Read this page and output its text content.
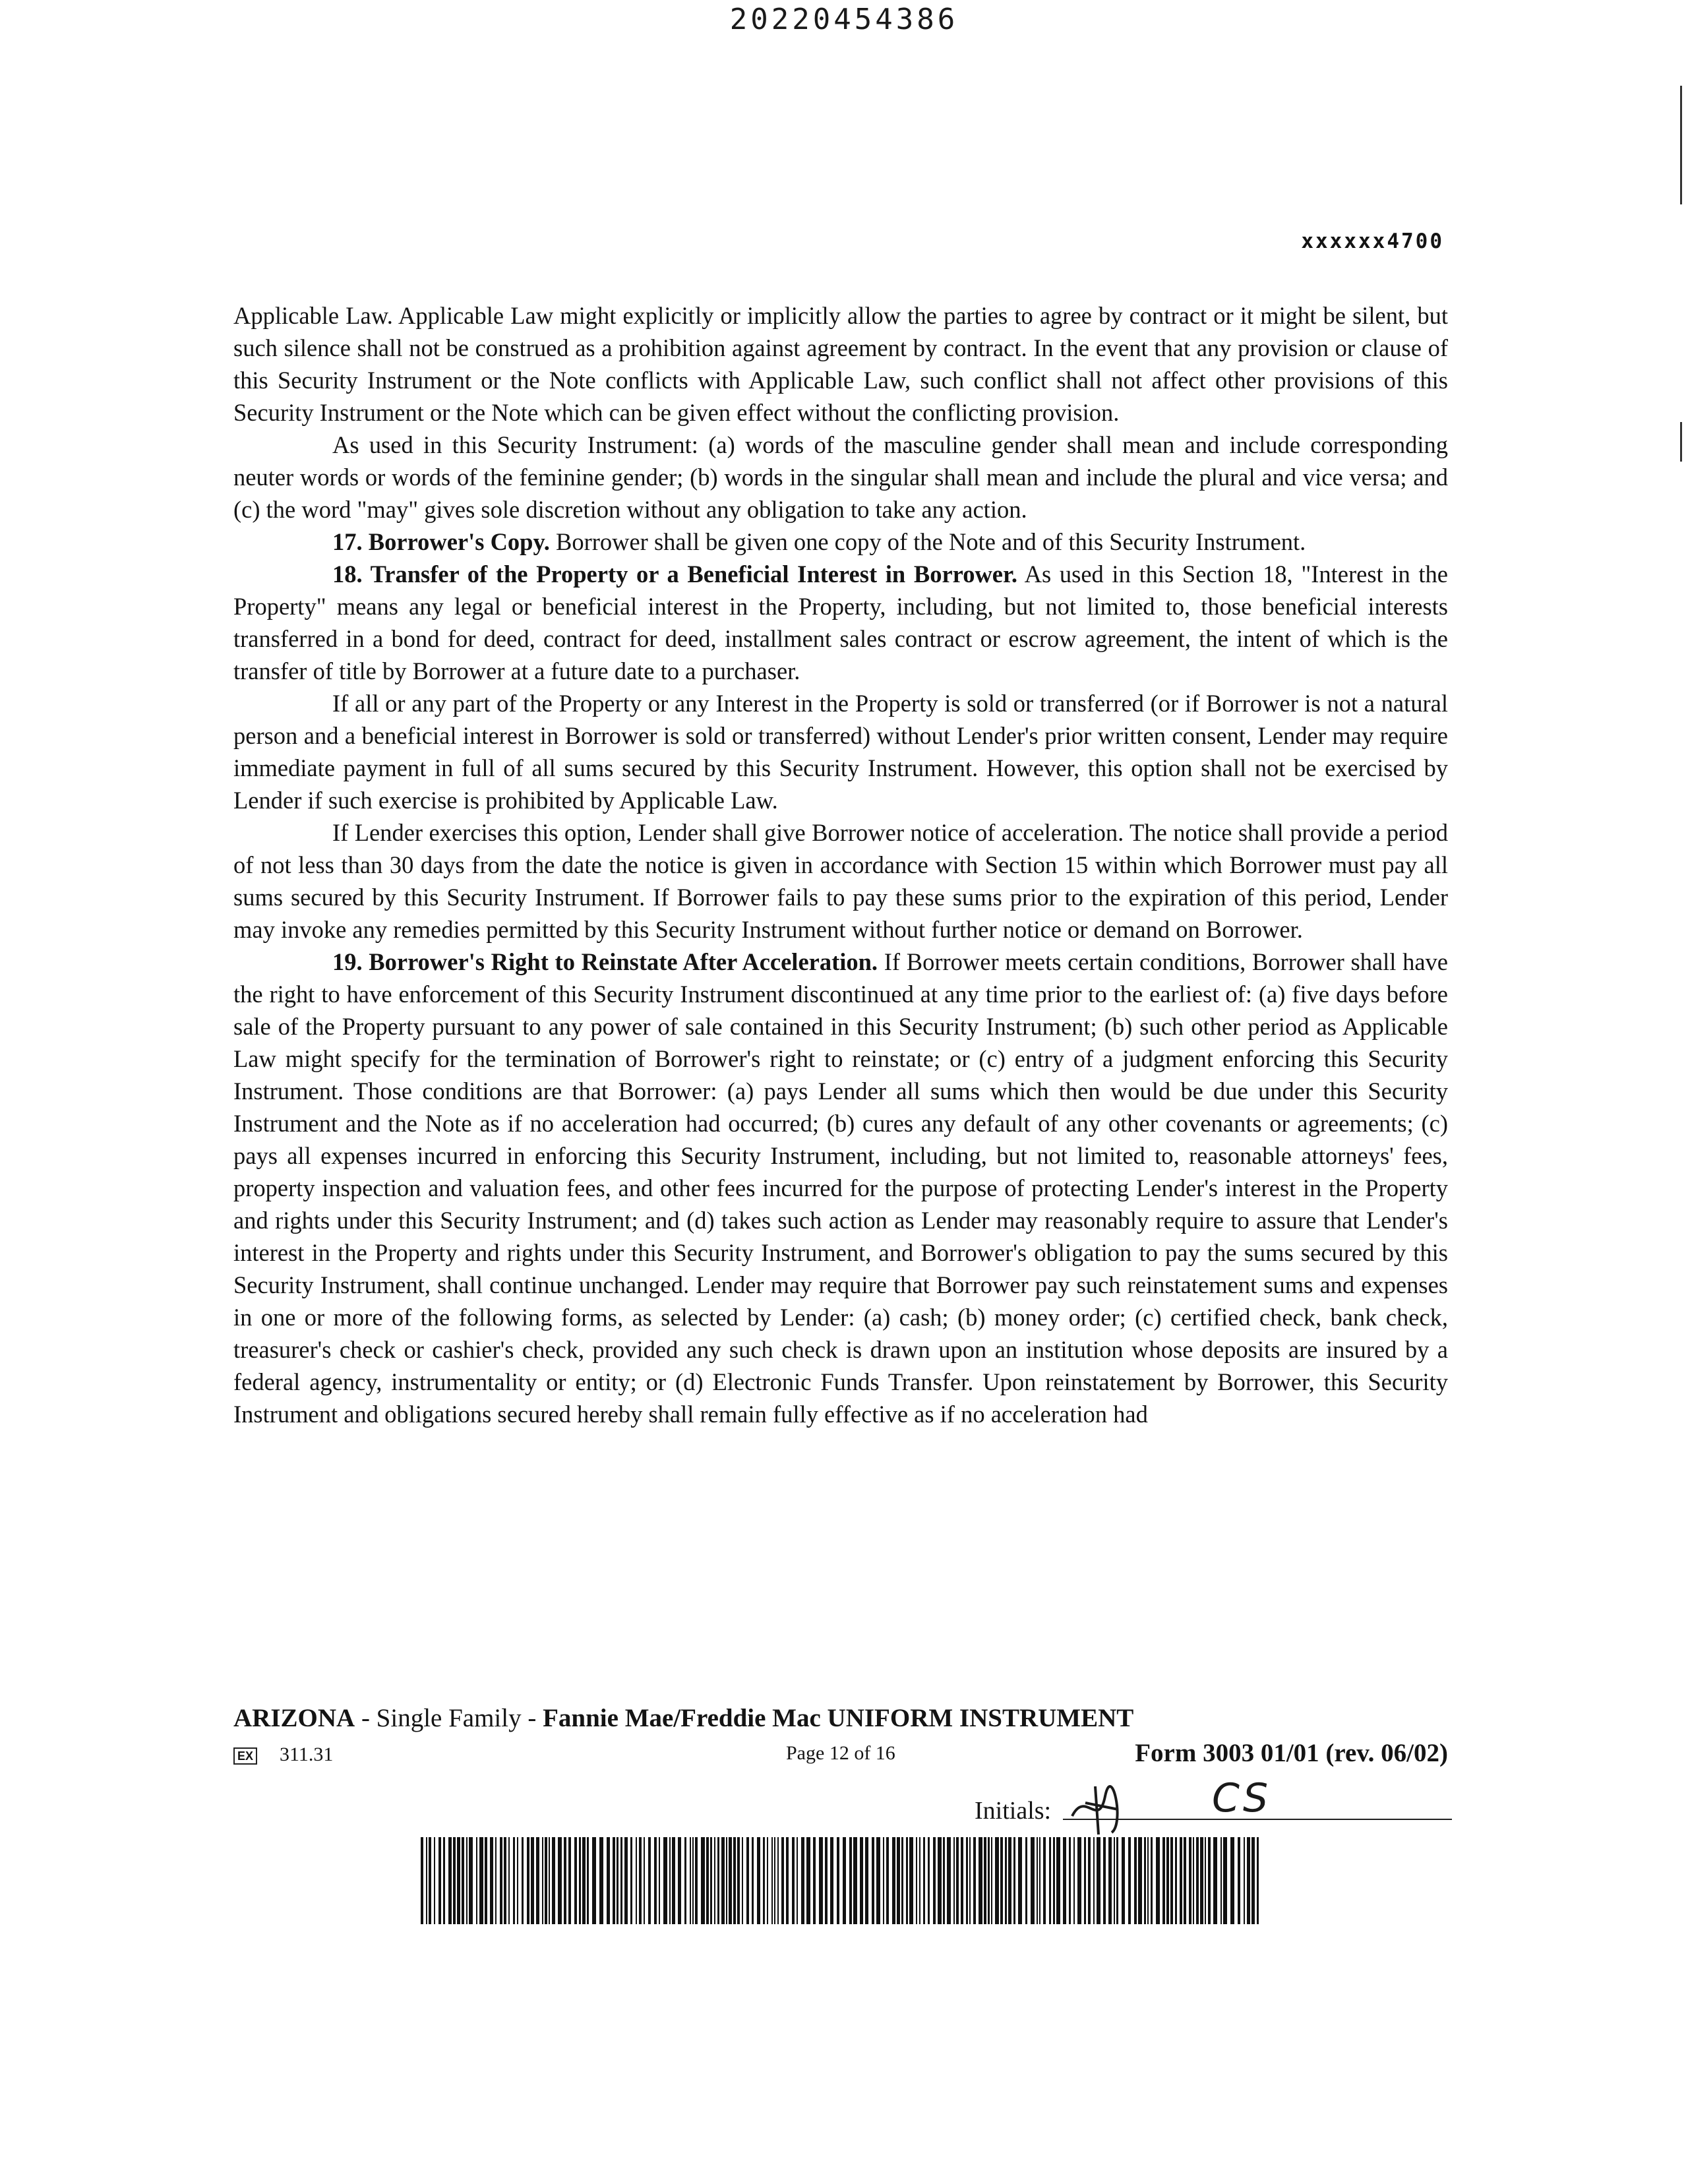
20220454386
xxxxxx4700

Applicable Law. Applicable Law might explicitly or implicitly allow the parties to agree by contract or it might be silent, but such silence shall not be construed as a prohibition against agreement by contract. In the event that any provision or clause of this Security Instrument or the Note conflicts with Applicable Law, such conflict shall not affect other provisions of this Security Instrument or the Note which can be given effect without the conflicting provision.

As used in this Security Instrument: (a) words of the masculine gender shall mean and include corresponding neuter words or words of the feminine gender; (b) words in the singular shall mean and include the plural and vice versa; and (c) the word "may" gives sole discretion without any obligation to take any action.

17. Borrower's Copy. Borrower shall be given one copy of the Note and of this Security Instrument.

18. Transfer of the Property or a Beneficial Interest in Borrower. As used in this Section 18, "Interest in the Property" means any legal or beneficial interest in the Property, including, but not limited to, those beneficial interests transferred in a bond for deed, contract for deed, installment sales contract or escrow agreement, the intent of which is the transfer of title by Borrower at a future date to a purchaser.

If all or any part of the Property or any Interest in the Property is sold or transferred (or if Borrower is not a natural person and a beneficial interest in Borrower is sold or transferred) without Lender's prior written consent, Lender may require immediate payment in full of all sums secured by this Security Instrument. However, this option shall not be exercised by Lender if such exercise is prohibited by Applicable Law.

If Lender exercises this option, Lender shall give Borrower notice of acceleration. The notice shall provide a period of not less than 30 days from the date the notice is given in accordance with Section 15 within which Borrower must pay all sums secured by this Security Instrument. If Borrower fails to pay these sums prior to the expiration of this period, Lender may invoke any remedies permitted by this Security Instrument without further notice or demand on Borrower.

19. Borrower's Right to Reinstate After Acceleration. If Borrower meets certain conditions, Borrower shall have the right to have enforcement of this Security Instrument discontinued at any time prior to the earliest of: (a) five days before sale of the Property pursuant to any power of sale contained in this Security Instrument; (b) such other period as Applicable Law might specify for the termination of Borrower's right to reinstate; or (c) entry of a judgment enforcing this Security Instrument. Those conditions are that Borrower: (a) pays Lender all sums which then would be due under this Security Instrument and the Note as if no acceleration had occurred; (b) cures any default of any other covenants or agreements; (c) pays all expenses incurred in enforcing this Security Instrument, including, but not limited to, reasonable attorneys' fees, property inspection and valuation fees, and other fees incurred for the purpose of protecting Lender's interest in the Property and rights under this Security Instrument; and (d) takes such action as Lender may reasonably require to assure that Lender's interest in the Property and rights under this Security Instrument, and Borrower's obligation to pay the sums secured by this Security Instrument, shall continue unchanged. Lender may require that Borrower pay such reinstatement sums and expenses in one or more of the following forms, as selected by Lender: (a) cash; (b) money order; (c) certified check, bank check, treasurer's check or cashier's check, provided any such check is drawn upon an institution whose deposits are insured by a federal agency, instrumentality or entity; or (d) Electronic Funds Transfer. Upon reinstatement by Borrower, this Security Instrument and obligations secured hereby shall remain fully effective as if no acceleration had

ARIZONA - Single Family - Fannie Mae/Freddie Mac UNIFORM INSTRUMENT
EX 311.31	Page 12 of 16	Form 3003 01/01 (rev. 06/02)
Initials:	CS
